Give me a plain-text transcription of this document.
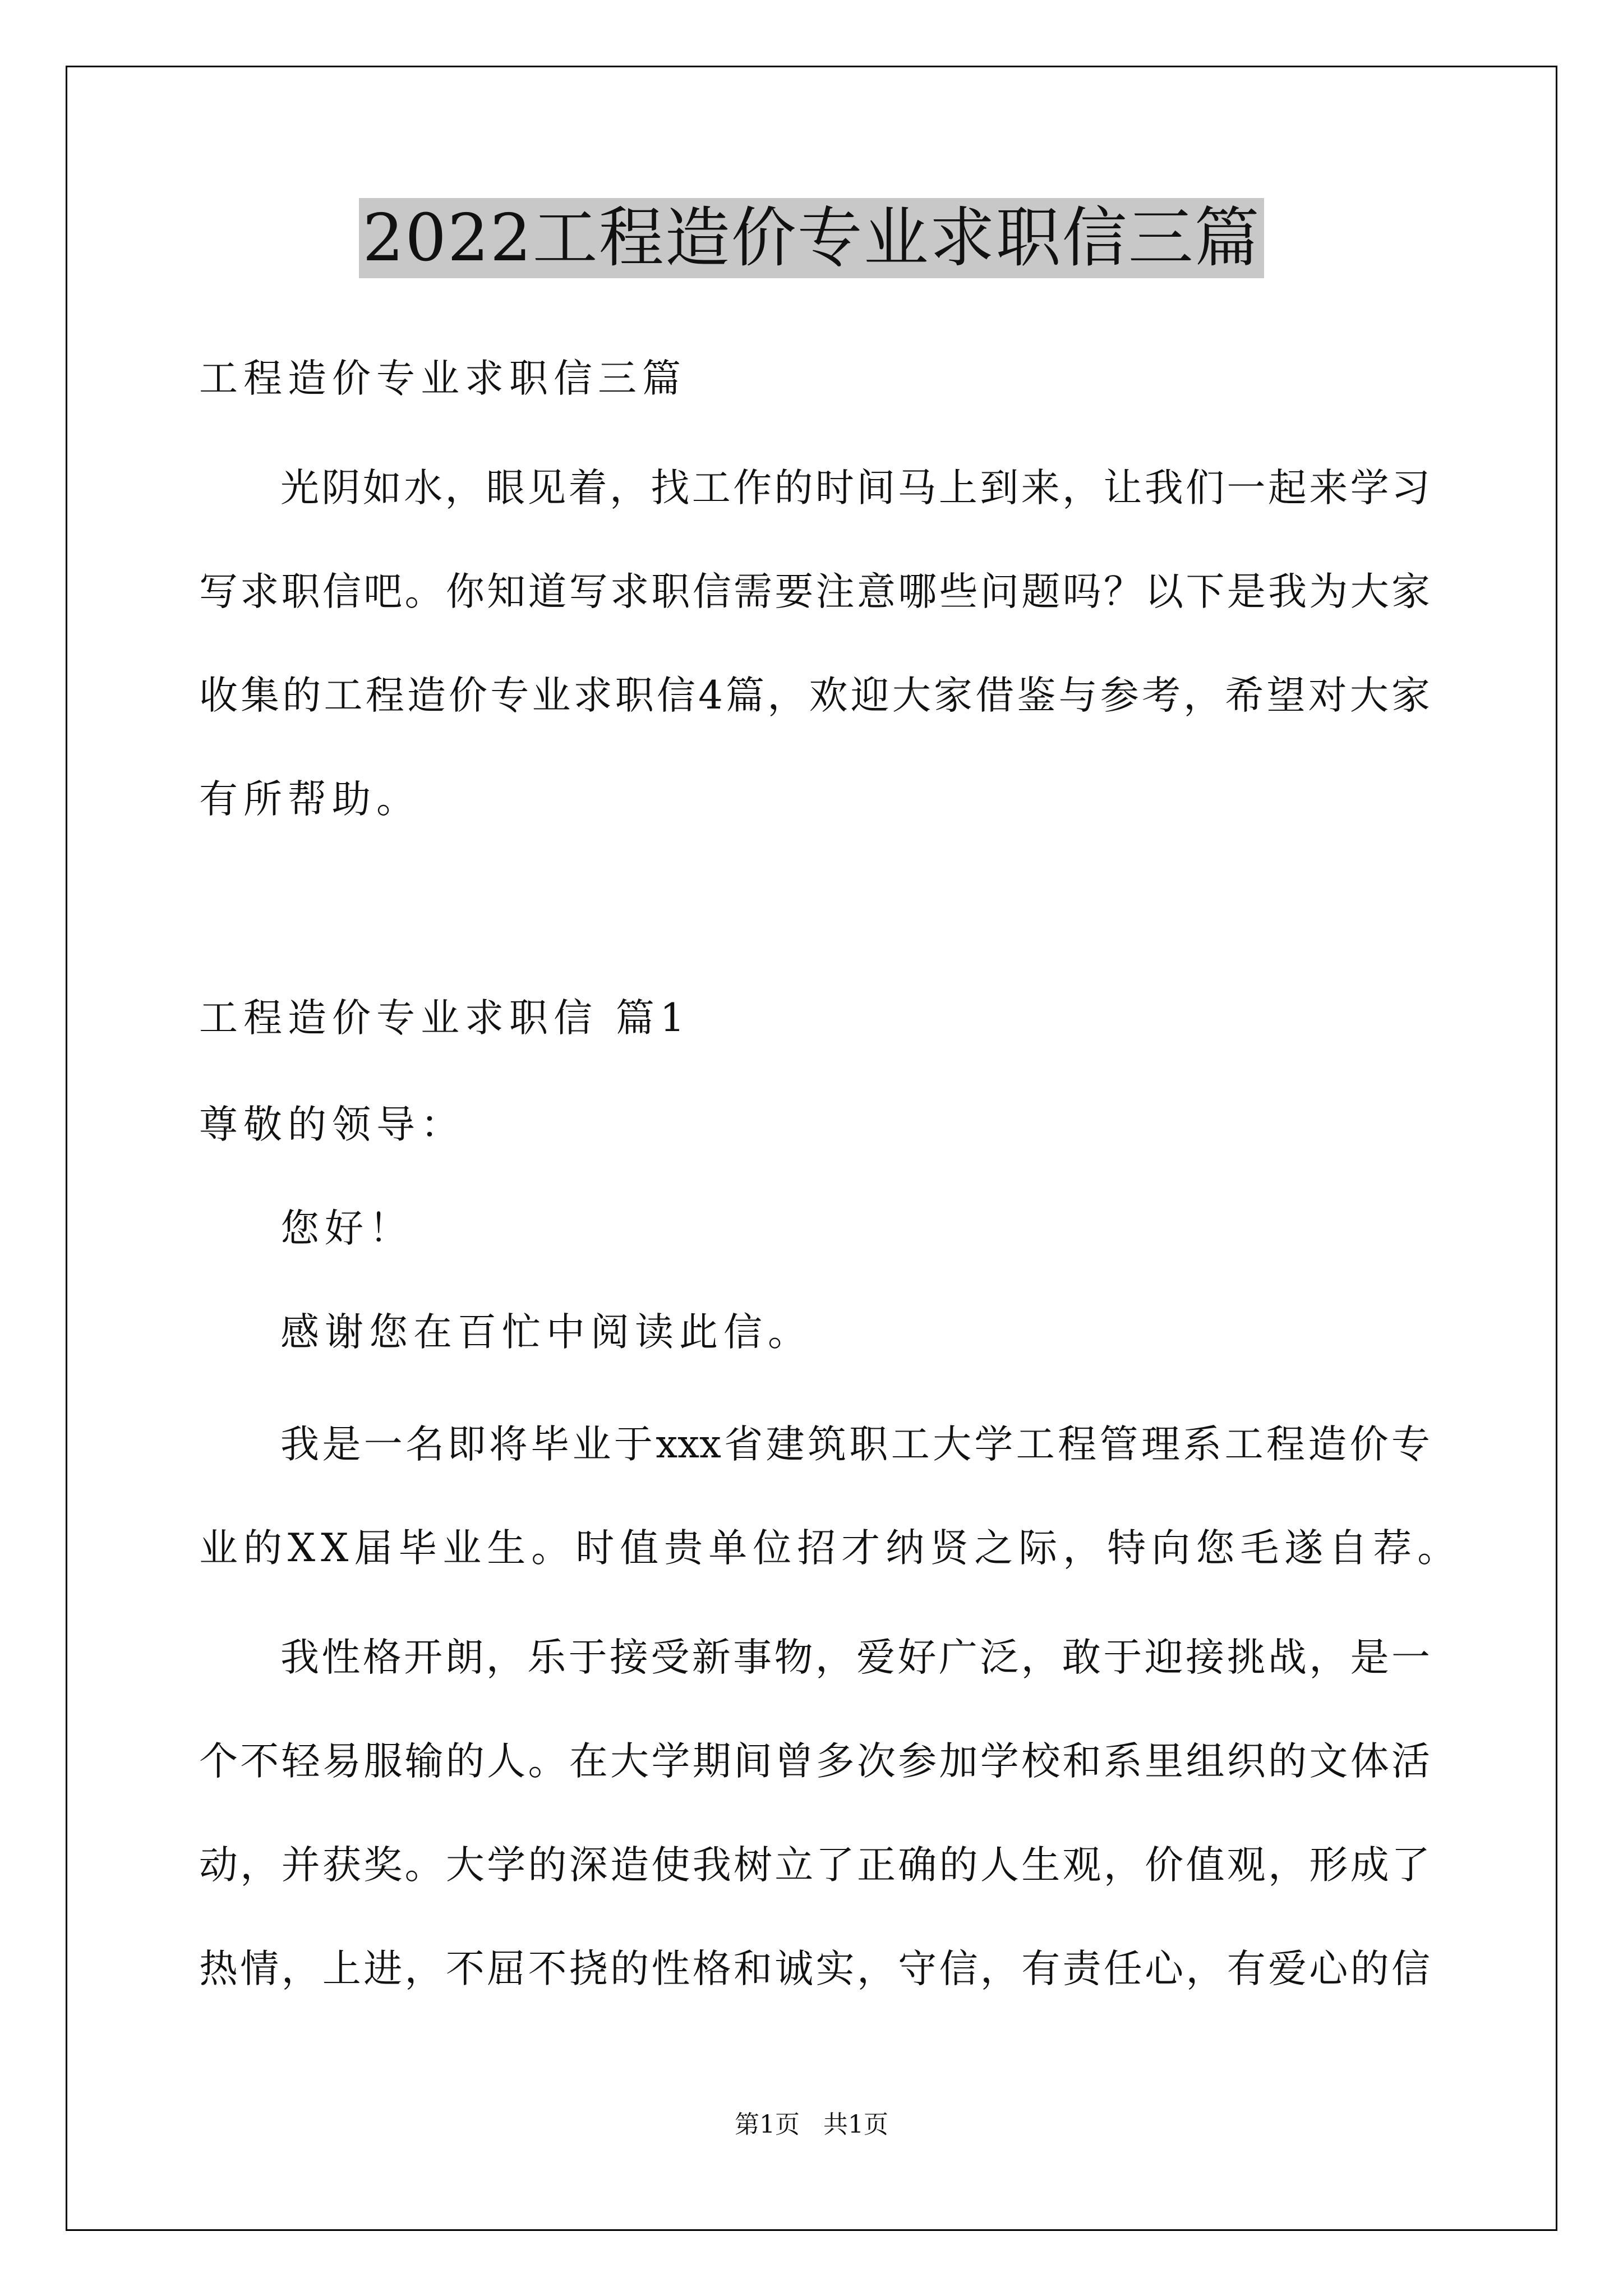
2022工程造价专业求职信三篇
工程造价专业求职信三篇
光阴如水，眼见着，找工作的时间马上到来，让我们一起来学习
写求职信吧。你知道写求职信需要注意哪些问题吗？以下是我为大家
收集的工程造价专业求职信4篇，欢迎大家借鉴与参考，希望对大家
有所帮助。
工程造价专业求职信 篇1
尊敬的领导：
您好！
感谢您在百忙中阅读此信。
我是一名即将毕业于xxx省建筑职工大学工程管理系工程造价专
业的XX届毕业生。时值贵单位招才纳贤之际，特向您毛遂自荐。
我性格开朗，乐于接受新事物，爱好广泛，敢于迎接挑战，是一
个不轻易服输的人。在大学期间曾多次参加学校和系里组织的文体活
动，并获奖。大学的深造使我树立了正确的人生观，价值观，形成了
热情，上进，不屈不挠的性格和诚实，守信，有责任心，有爱心的信
第1页   共1页
